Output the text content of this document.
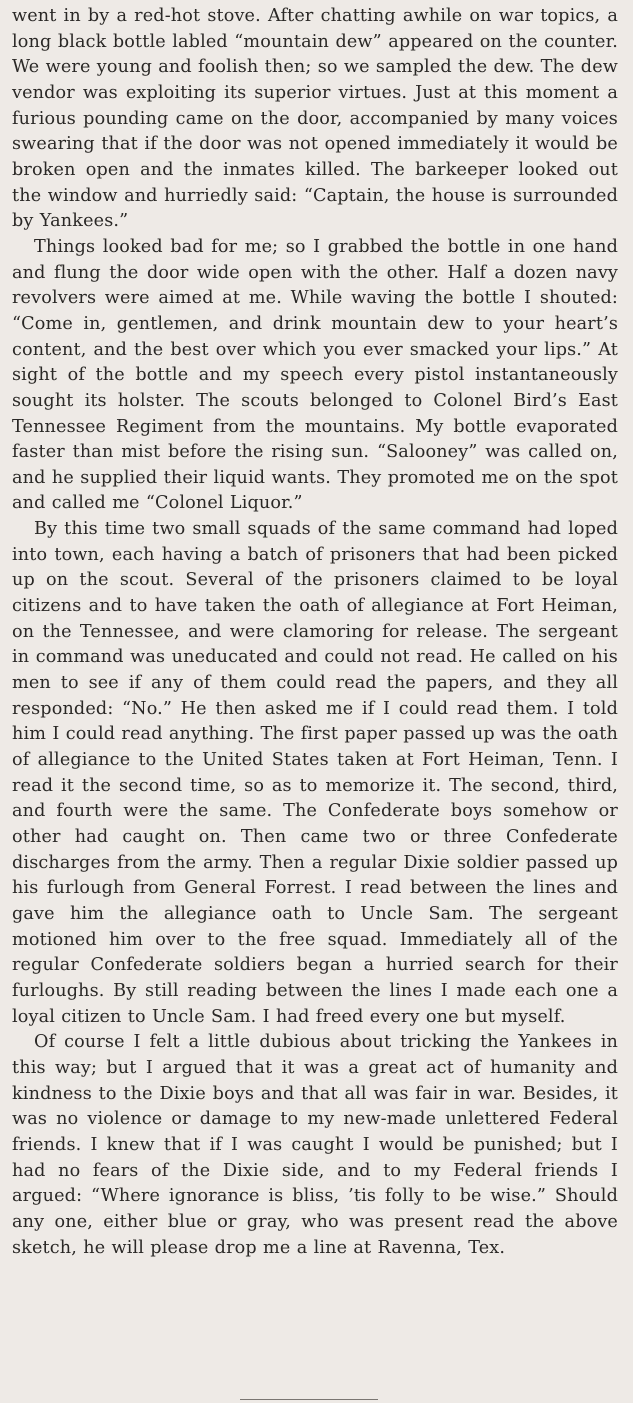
went in by a red-hot stove. After chatting awhile on war topics, a long black bottle labled “mountain dew” appeared on the counter. We were young and foolish then; so we sampled the dew. The dew vendor was exploiting its superior virtues. Just at this moment a furious pounding came on the door, accompanied by many voices swearing that if the door was not opened immediately it would be broken open and the inmates killed. The barkeeper looked out the window and hurriedly said: “Captain, the house is surrounded by Yankees.”

Things looked bad for me; so I grabbed the bottle in one hand and flung the door wide open with the other. Half a dozen navy revolvers were aimed at me. While waving the bottle I shouted: “Come in, gentlemen, and drink mountain dew to your heart’s content, and the best over which you ever smacked your lips.” At sight of the bottle and my speech every pistol instantaneously sought its holster. The scouts belonged to Colonel Bird’s East Tennessee Regiment from the mountains. My bottle evaporated faster than mist before the rising sun. “Salooney” was called on, and he supplied their liquid wants. They promoted me on the spot and called me “Colonel Liquor.”

By this time two small squads of the same command had loped into town, each having a batch of prisoners that had been picked up on the scout. Several of the prisoners claimed to be loyal citizens and to have taken the oath of allegiance at Fort Heiman, on the Tennessee, and were clamoring for release. The sergeant in command was uneducated and could not read. He called on his men to see if any of them could read the papers, and they all responded: “No.” He then asked me if I could read them. I told him I could read anything. The first paper passed up was the oath of allegiance to the United States taken at Fort Heiman, Tenn. I read it the second time, so as to memorize it. The second, third, and fourth were the same. The Confederate boys somehow or other had caught on. Then came two or three Confederate discharges from the army. Then a regular Dixie soldier passed up his furlough from General Forrest. I read between the lines and gave him the allegiance oath to Uncle Sam. The sergeant motioned him over to the free squad. Immediately all of the regular Confederate soldiers began a hurried search for their furloughs. By still reading between the lines I made each one a loyal citizen to Uncle Sam. I had freed every one but myself.

Of course I felt a little dubious about tricking the Yankees in this way; but I argued that it was a great act of humanity and kindness to the Dixie boys and that all was fair in war. Besides, it was no violence or damage to my new-made unlettered Federal friends. I knew that if I was caught I would be punished; but I had no fears of the Dixie side, and to my Federal friends I argued: “Where ignorance is bliss, ’tis folly to be wise.” Should any one, either blue or gray, who was present read the above sketch, he will please drop me a line at Ravenna, Tex.
